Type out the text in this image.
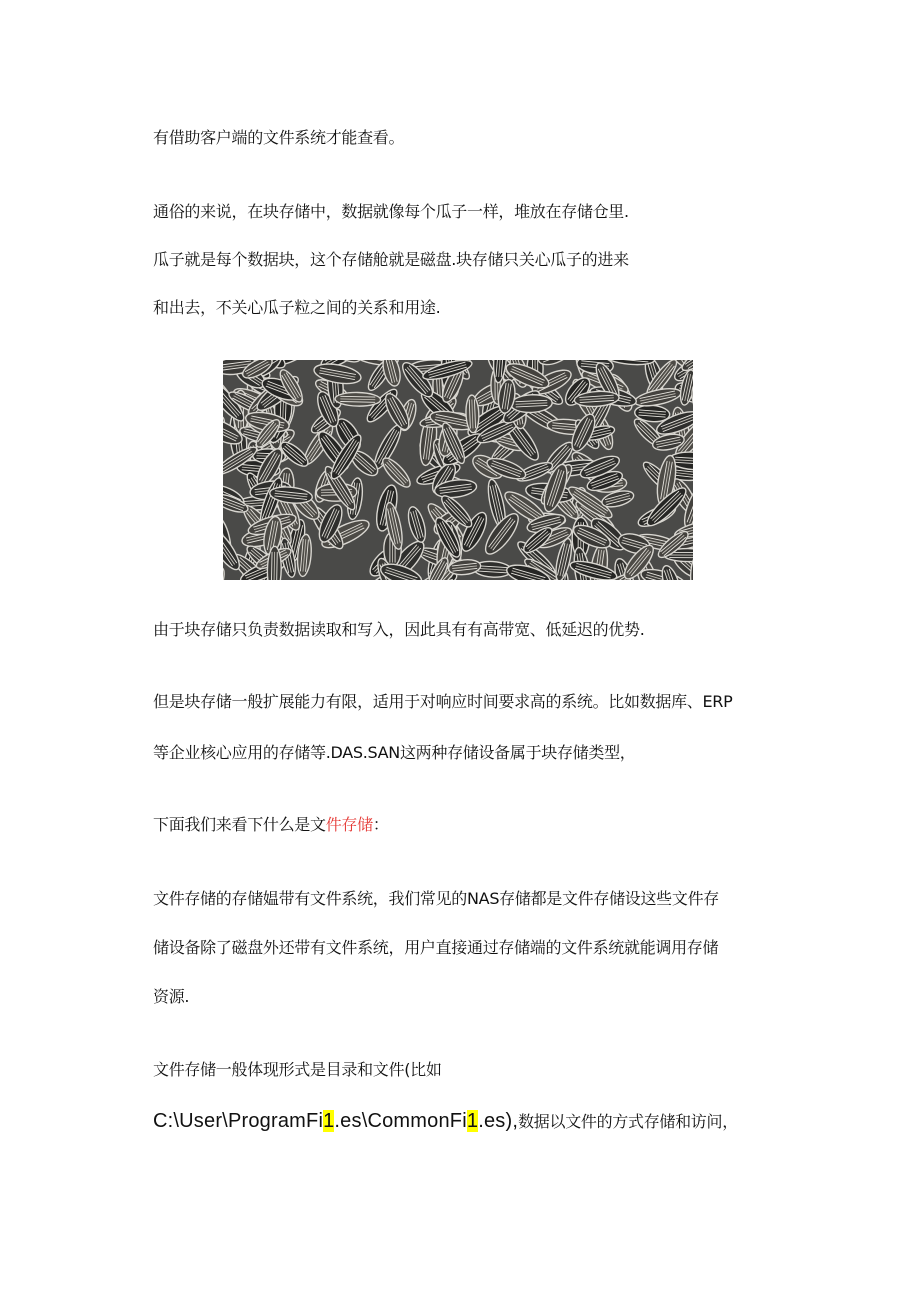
有借助客户端的文件系统才能查看。
通俗的来说，在块存储中，数据就像每个瓜子一样，堆放在存储仓里.
瓜子就是每个数据块，这个存储舱就是磁盘.块存储只关心瓜子的进来
和出去，不关心瓜子粒之间的关系和用途.
由于块存储只负责数据读取和写入，因此具有有高带宽、低延迟的优势.
但是块存储一般扩展能力有限，适用于对响应时间要求高的系统。比如数据库、ERP
等企业核心应用的存储等.DAS.SAN这两种存储设备属于块存储类型，
下面我们来看下什么是文件存储：
文件存储的存储媪带有文件系统，我们常见的NAS存储都是文件存储设这些文件存
储设备除了磁盘外还带有文件系统，用户直接通过存储端的文件系统就能调用存储
资源.
文件存储一般体现形式是目录和文件(比如
C:\User\ProgramFi1.es\CommonFi1.es),数据以文件的方式存储和访问，
